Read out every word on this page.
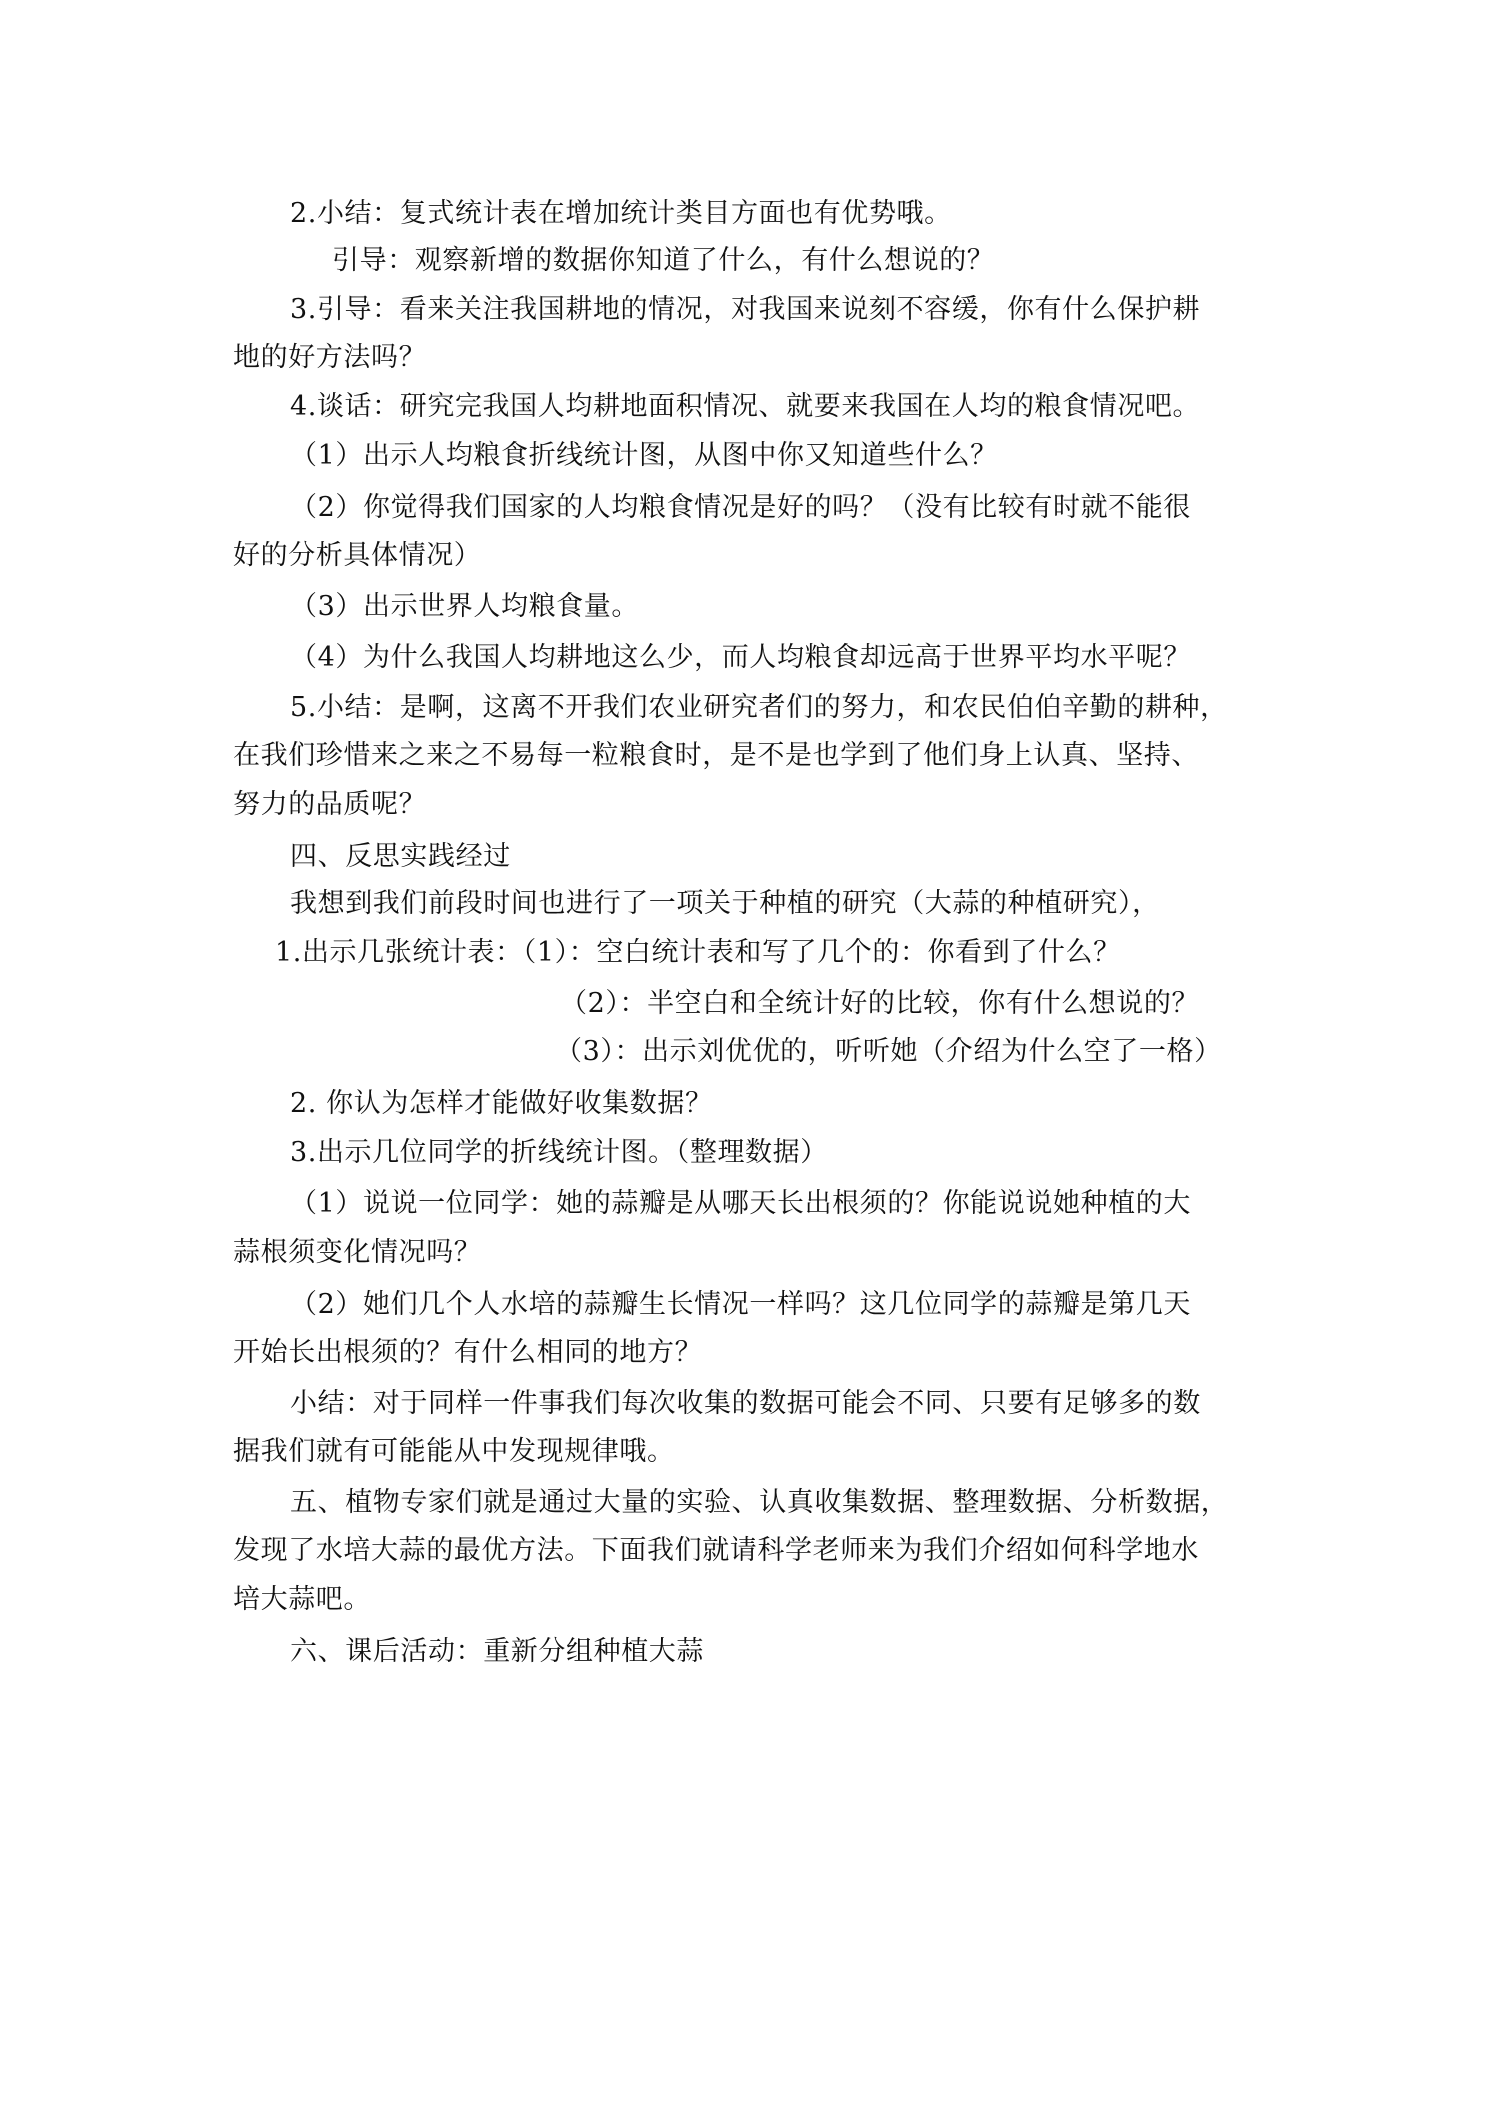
2.小结：复式统计表在增加统计类目方面也有优势哦。
引导：观察新增的数据你知道了什么，有什么想说的？
3.引导：看来关注我国耕地的情况，对我国来说刻不容缓，你有什么保护耕
地的好方法吗？
4.谈话：研究完我国人均耕地面积情况、就要来我国在人均的粮食情况吧。
（1）出示人均粮食折线统计图，从图中你又知道些什么？
（2）你觉得我们国家的人均粮食情况是好的吗？（没有比较有时就不能很
好的分析具体情况）
（3）出示世界人均粮食量。
（4）为什么我国人均耕地这么少，而人均粮食却远高于世界平均水平呢？
5.小结：是啊，这离不开我们农业研究者们的努力，和农民伯伯辛勤的耕种，
在我们珍惜来之来之不易每一粒粮食时，是不是也学到了他们身上认真、坚持、
努力的品质呢？
四、反思实践经过
我想到我们前段时间也进行了一项关于种植的研究（大蒜的种植研究），
1.出示几张统计表：（1）：空白统计表和写了几个的：你看到了什么？
（2）：半空白和全统计好的比较，你有什么想说的？
（3）：出示刘优优的，听听她（介绍为什么空了一格）
2. 你认为怎样才能做好收集数据？
3.出示几位同学的折线统计图。（整理数据）
（1）说说一位同学：她的蒜瓣是从哪天长出根须的？你能说说她种植的大
蒜根须变化情况吗？
（2）她们几个人水培的蒜瓣生长情况一样吗？这几位同学的蒜瓣是第几天
开始长出根须的？有什么相同的地方？
小结：对于同样一件事我们每次收集的数据可能会不同、只要有足够多的数
据我们就有可能能从中发现规律哦。
五、植物专家们就是通过大量的实验、认真收集数据、整理数据、分析数据，
发现了水培大蒜的最优方法。下面我们就请科学老师来为我们介绍如何科学地水
培大蒜吧。
六、课后活动：重新分组种植大蒜
